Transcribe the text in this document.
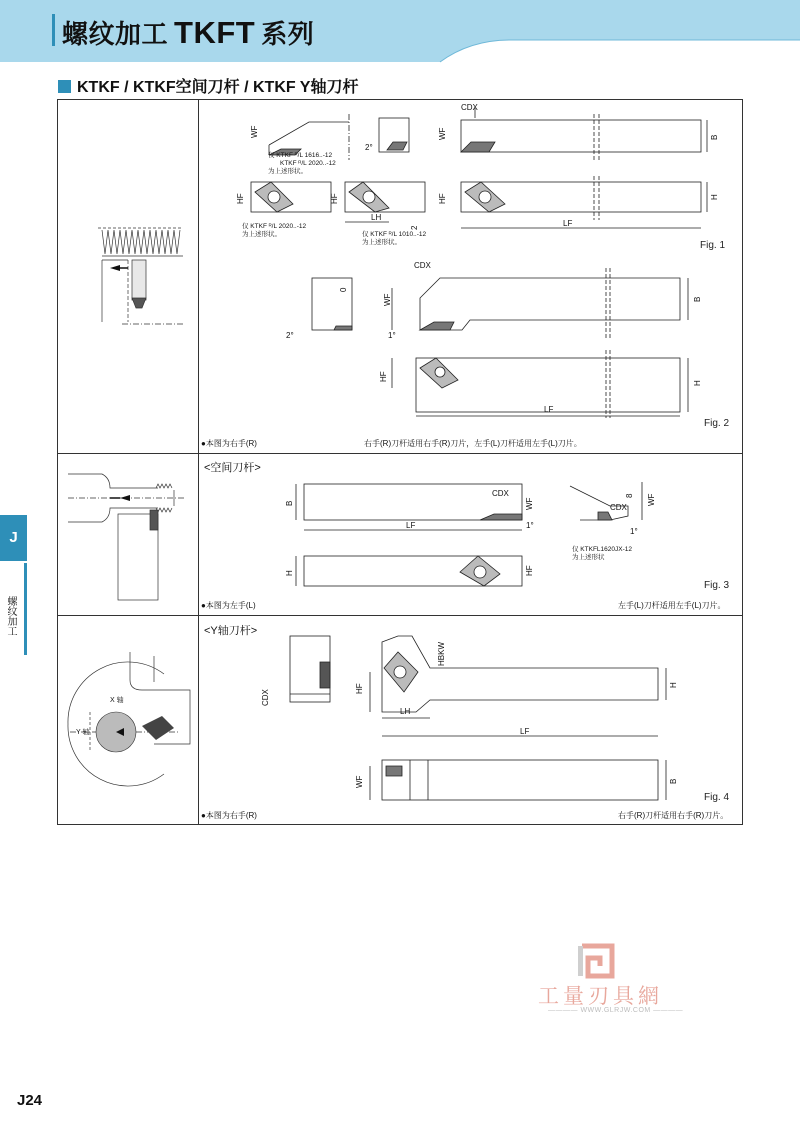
螺纹加工 TKFT 系列
KTKF / KTKF空间刀杆 / KTKF Y轴刀杆
WF
2°
WF
CDX
B
HF	HF	HF	H
LH
2	LF
仅 KTKF ᴿ/L 1616..-12
KTKF ᴿ/L 2020..-12
为上述形状。
仅 KTKF ᴿ/L 2020..-12
为上述形状。	仅 KTKF ᴿ/L 1010..-12
为上述形状。	Fig. 1
CDX
WF	B
HF
H
LF
2°	1°
0
Fig. 2
●本图为右手(R)	右手(R)刀杆适用右手(R)刀片，左手(L)刀杆适用左手(L)刀片。
<空间刀杆>
B
CDX
WF
LF
H	HF
1°
CDX
WF
8
1°
仅 KTKFL1620JX-12
为上述形状
Fig. 3
●本图为左手(L)	左手(L)刀杆适用左手(L)刀片。
X 轴
Y 轴
<Y轴刀杆>
CDX
HF
HBKW
H
LH
LF
WF	B
Fig. 4
●本图为右手(R)	右手(R)刀杆适用右手(R)刀片。
J
螺纹加工
工量刃具網
———— WWW.GLRJW.COM ————
J24
